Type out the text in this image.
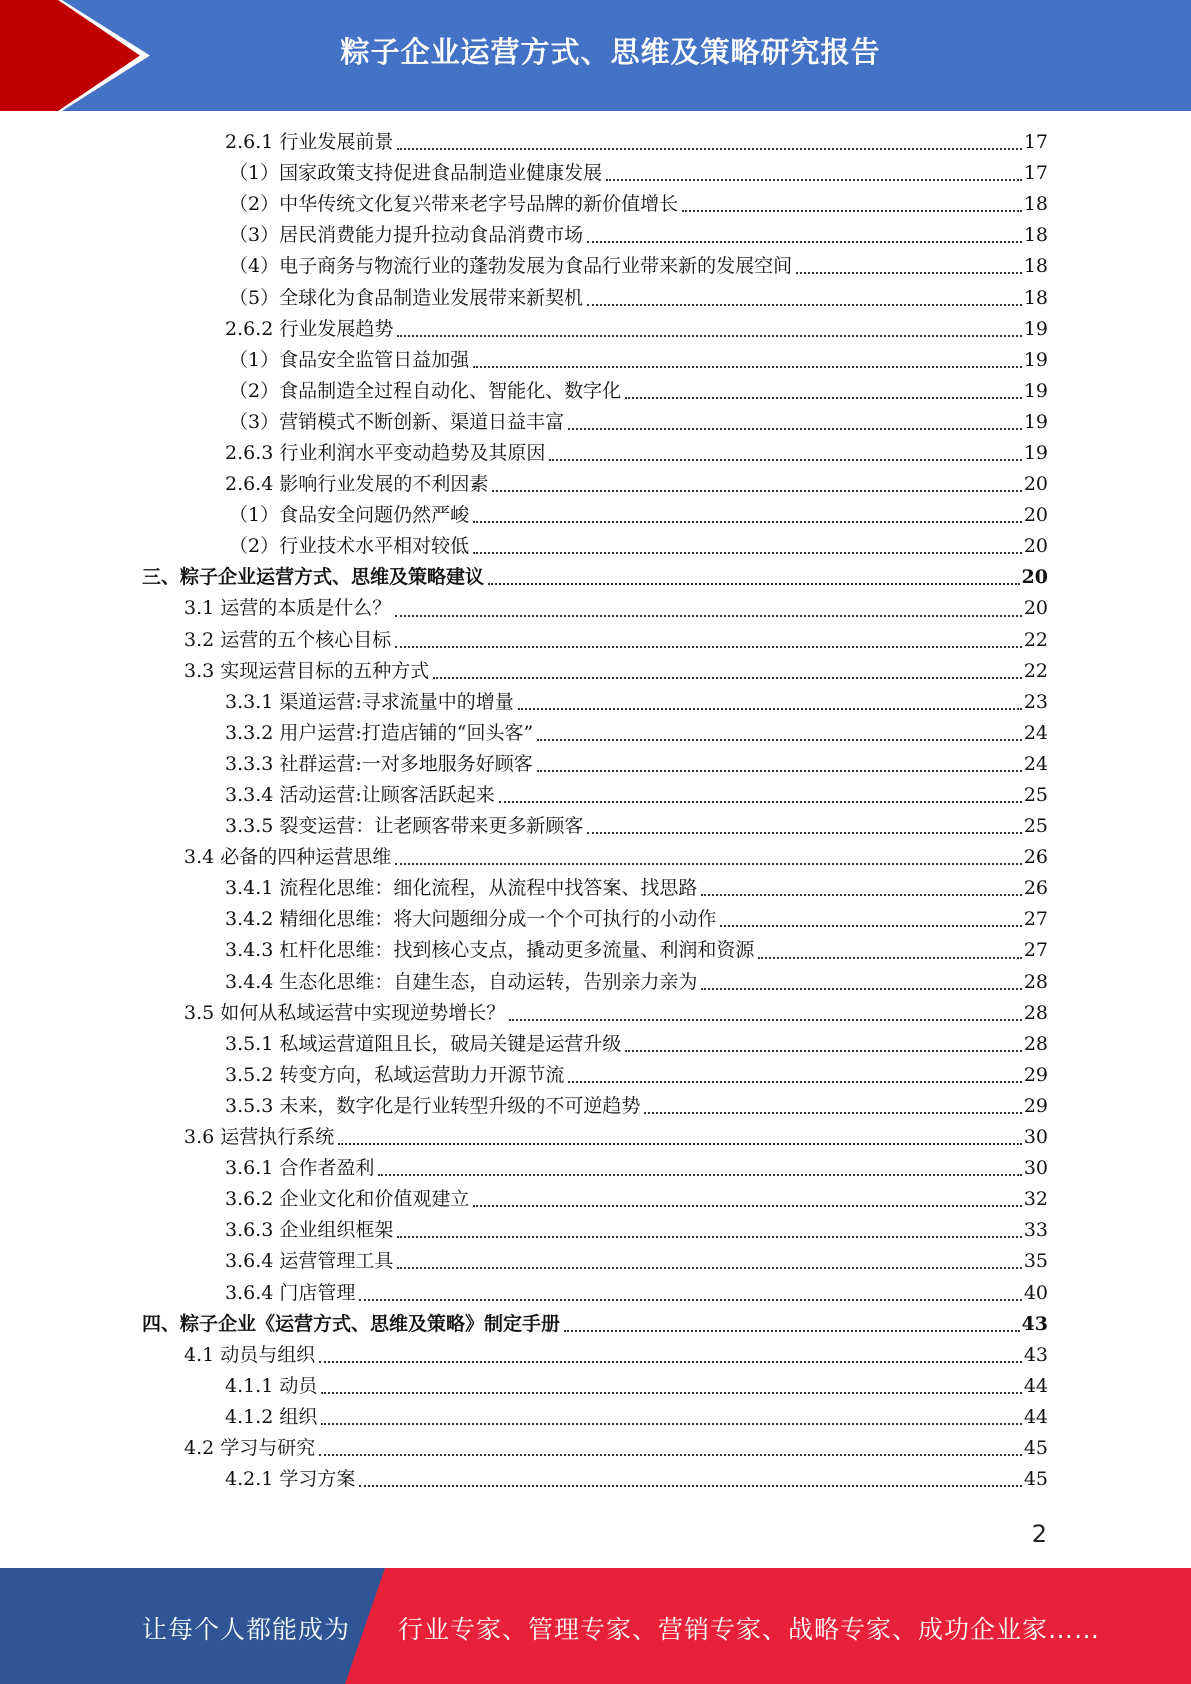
粽子企业运营方式、思维及策略研究报告
2.6.1 行业发展前景	17
（1） 国家政策支持促进食品制造业健康发展	17
（2） 中华传统文化复兴带来老字号品牌的新价值增长	18
（3） 居民消费能力提升拉动食品消费市场	18
（4） 电子商务与物流行业的蓬勃发展为食品行业带来新的发展空间	18
（5） 全球化为食品制造业发展带来新契机	18
2.6.2 行业发展趋势	19
（1） 食品安全监管日益加强	19
（2） 食品制造全过程自动化、智能化、数字化	19
（3） 营销模式不断创新、渠道日益丰富	19
2.6.3 行业利润水平变动趋势及其原因	19
2.6.4 影响行业发展的不利因素	20
（1） 食品安全问题仍然严峻	20
（2） 行业技术水平相对较低	20
三、粽子企业运营方式、思维及策略建议	20
3.1 运营的本质是什么？	20
3.2 运营的五个核心目标	22
3.3 实现运营目标的五种方式	22
3.3.1 渠道运营:寻求流量中的增量	23
3.3.2 用户运营:打造店铺的“回头客”	24
3.3.3 社群运营:一对多地服务好顾客	24
3.3.4 活动运营:让顾客活跃起来	25
3.3.5 裂变运营：让老顾客带来更多新顾客	25
3.4 必备的四种运营思维	26
3.4.1 流程化思维：细化流程，从流程中找答案、找思路	26
3.4.2 精细化思维：将大问题细分成一个个可执行的小动作	27
3.4.3 杠杆化思维：找到核心支点，撬动更多流量、利润和资源	27
3.4.4 生态化思维：自建生态，自动运转，告别亲力亲为	28
3.5 如何从私域运营中实现逆势增长？	28
3.5.1 私域运营道阻且长，破局关键是运营升级	28
3.5.2 转变方向，私域运营助力开源节流	29
3.5.3 未来，数字化是行业转型升级的不可逆趋势	29
3.6 运营执行系统	30
3.6.1 合作者盈利	30
3.6.2 企业文化和价值观建立	32
3.6.3 企业组织框架	33
3.6.4 运营管理工具	35
3.6.4 门店管理	40
四、粽子企业《运营方式、思维及策略》制定手册	43
4.1 动员与组织	43
4.1.1 动员	44
4.1.2 组织	44
4.2 学习与研究	45
4.2.1 学习方案	45
2
让每个人都能成为 行业专家、管理专家、营销专家、战略专家、成功企业家……
